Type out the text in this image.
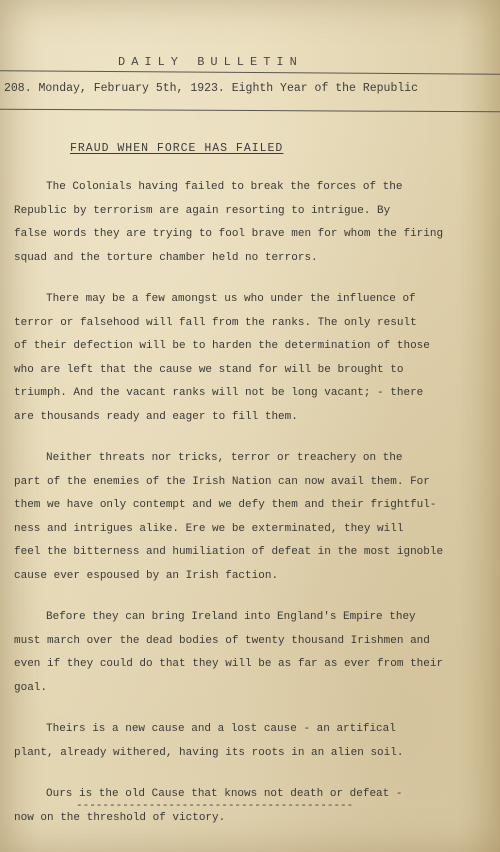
DAILY BULLETIN
208. Monday, February 5th, 1923. Eighth Year of the Republic
FRAUD WHEN FORCE HAS FAILED
The Colonials having failed to break the forces of the
Republic by terrorism are again resorting to intrigue. By
false words they are trying to fool brave men for whom the firing
squad and the torture chamber held no terrors.
There may be a few amongst us who under the influence of
terror or falsehood will fall from the ranks. The only result
of their defection will be to harden the determination of those
who are left that the cause we stand for will be brought to
triumph. And the vacant ranks will not be long vacant; - there
are thousands ready and eager to fill them.
Neither threats nor tricks, terror or treachery on the
part of the enemies of the Irish Nation can now avail them. For
them we have only contempt and we defy them and their frightful-
ness and intrigues alike. Ere we be exterminated, they will
feel the bitterness and humiliation of defeat in the most ignoble
cause ever espoused by an Irish faction.
Before they can bring Ireland into England's Empire they
must march over the dead bodies of twenty thousand Irishmen and
even if they could do that they will be as far as ever from their
goal.
Theirs is a new cause and a lost cause - an artifical
plant, already withered, having its roots in an alien soil.
Ours is the old Cause that knows not death or defeat -
now on the threshold of victory.
------------------------------------------
